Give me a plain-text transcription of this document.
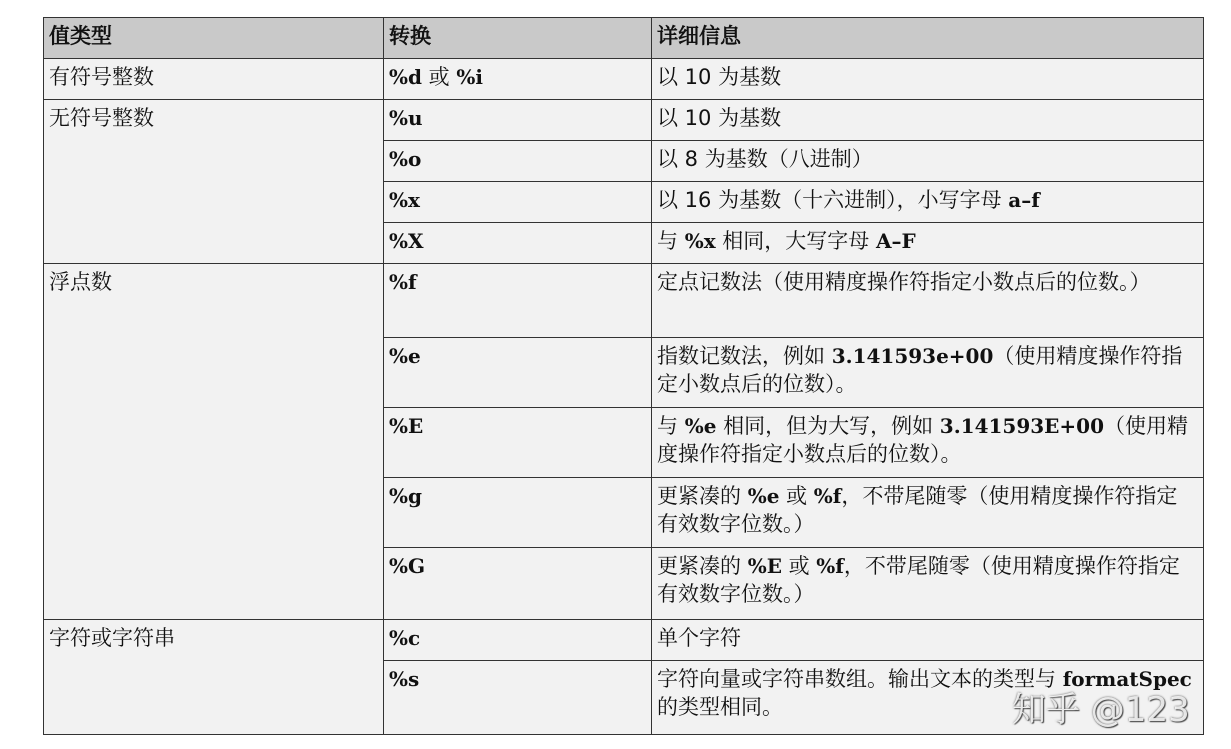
值类型	转换	详细信息
有符号整数	%d 或 %i	以 10 为基数
无符号整数	%u	以 10 为基数
	%o	以 8 为基数（八进制）
	%x	以 16 为基数（十六进制），小写字母 a–f
	%X	与 %x 相同，大写字母 A–F
浮点数	%f	定点记数法（使用精度操作符指定小数点后的位数。）
	%e	指数记数法，例如 3.141593e+00（使用精度操作符指定小数点后的位数）。
	%E	与 %e 相同，但为大写，例如 3.141593E+00（使用精度操作符指定小数点后的位数）。
	%g	更紧凑的 %e 或 %f，不带尾随零（使用精度操作符指定有效数字位数。）
	%G	更紧凑的 %E 或 %f，不带尾随零（使用精度操作符指定有效数字位数。）
字符或字符串	%c	单个字符
	%s	字符向量或字符串数组。输出文本的类型与 formatSpec 的类型相同。	知乎 @123
